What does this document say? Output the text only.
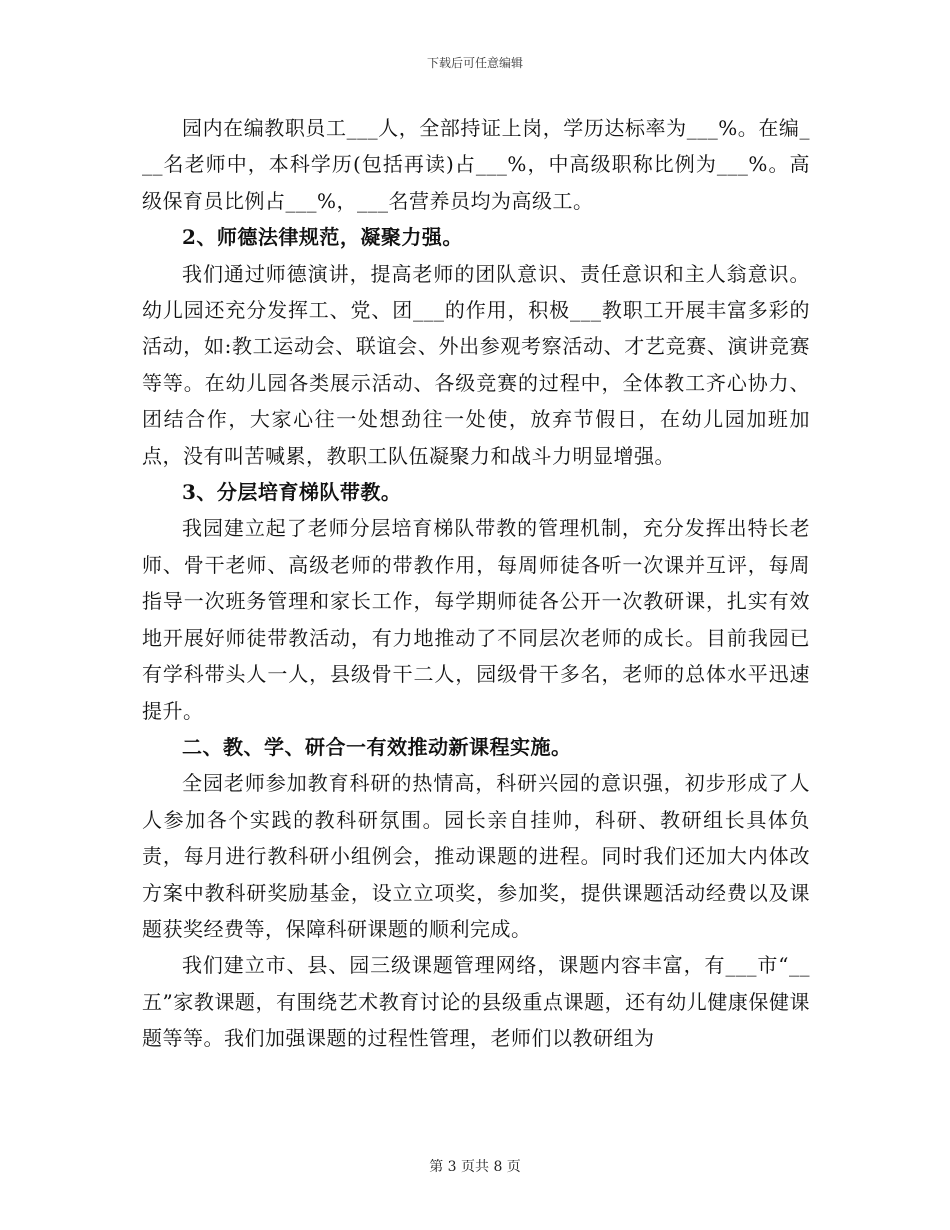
下载后可任意编辑

园内在编教职员工___人，全部持证上岗，学历达标率为___%。在编___名老师中，本科学历(包括再读)占___%，中高级职称比例为___%。高级保育员比例占___%，___名营养员均为高级工。

2、师德法律规范，凝聚力强。

我们通过师德演讲，提高老师的团队意识、责任意识和主人翁意识。幼儿园还充分发挥工、党、团___的作用，积极___教职工开展丰富多彩的活动，如:教工运动会、联谊会、外出参观考察活动、才艺竞赛、演讲竞赛等等。在幼儿园各类展示活动、各级竞赛的过程中，全体教工齐心协力、团结合作，大家心往一处想劲往一处使，放弃节假日，在幼儿园加班加点，没有叫苦喊累，教职工队伍凝聚力和战斗力明显增强。

3、分层培育梯队带教。

我园建立起了老师分层培育梯队带教的管理机制，充分发挥出特长老师、骨干老师、高级老师的带教作用，每周师徒各听一次课并互评，每周指导一次班务管理和家长工作，每学期师徒各公开一次教研课，扎实有效地开展好师徒带教活动，有力地推动了不同层次老师的成长。目前我园已有学科带头人一人，县级骨干二人，园级骨干多名，老师的总体水平迅速提升。

二、教、学、研合一有效推动新课程实施。

全园老师参加教育科研的热情高，科研兴园的意识强，初步形成了人人参加各个实践的教科研氛围。园长亲自挂帅，科研、教研组长具体负责，每月进行教科研小组例会，推动课题的进程。同时我们还加大内体改方案中教科研奖励基金，设立立项奖，参加奖，提供课题活动经费以及课题获奖经费等，保障科研课题的顺利完成。

我们建立市、县、园三级课题管理网络，课题内容丰富，有___市“__五”家教课题，有围绕艺术教育讨论的县级重点课题，还有幼儿健康保健课题等等。我们加强课题的过程性管理，老师们以教研组为

第 3 页共 8 页
